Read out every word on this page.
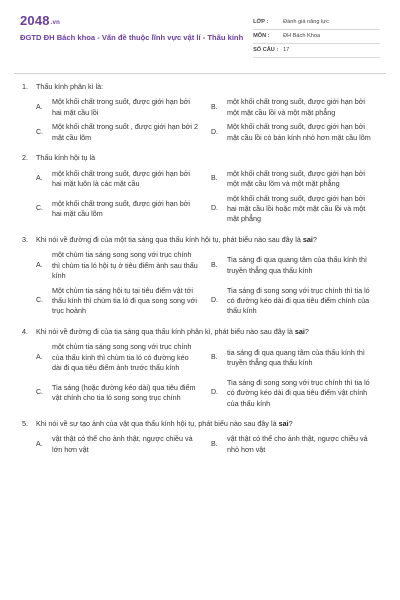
2048 .vn
ĐGTD ĐH Bách khoa - Vấn đề thuộc lĩnh vực vật lí - Thấu kính
LỚP :	Đánh giá năng lực
MÔN :	ĐH Bách Khoa
SỐ CÂU : 17
1.	Thấu kính phân kì là:
A.
Một khối chất trong suốt, được giới hạn bởi hai mặt cầu lồi
B.
một khối chất trong suốt, được giới hạn bởi một mặt cầu lồi và một mặt phẳng
C.
Một khối chất trong suốt , được giới hạn bởi 2 mặt cầu lõm
D.
Một khối chất trong suốt, được giới hạn bởi mặt cầu lồi có bán kính nhỏ hơn mặt cầu lõm
2.	Thấu kính hội tụ là
A.
một khối chất trong suốt, được giới hạn bởi hai mặt luôn là các mặt cầu
B.
một khối chất trong suốt, được giới hạn bởi một mặt cầu lõm và một mặt phẳng
C.
một khối chất trong suốt, được giới hạn bởi hai mặt cầu lõm
D.
một khối chất trong suốt, được giới hạn bởi hai mặt cầu lồi hoặc một mặt cầu lồi và một mặt phẳng
3.	Khi nói về đường đi của một tia sáng qua thấu kính hội tụ, phát biểu nào sau đây là sai?
A.
một chùm tia sáng song song với trục chính thì chùm tia ló hội tụ ở tiêu điểm ảnh sau thấu kính
B.
Tia sáng đi qua quang tâm của thấu kính thì truyền thẳng qua thấu kính
C.
Một chùm tia sáng hội tụ tại tiêu điểm vật tới thấu kính thì chùm tia ló đi qua song song với trục hoành
D.
Tia sáng đi song song với trục chính thì tia ló có đường kéo dài đi qua tiêu điểm chính của thấu kính
4.	Khi nói về đường đi của tia sáng qua thấu kính phân kì, phát biểu nào sau đây là sai?
A.
một chùm tia sáng song song với trục chính của thấu kính thì chùm tia ló có đường kéo dài đi qua tiêu điểm ảnh trước thấu kính
B.
tia sáng đi qua quang tâm của thấu kính thì truyền thẳng qua thấu kính
C.
Tia sáng (hoặc đường kéo dài) qua tiêu điểm vật chính cho tia ló song song trục chính
D.
Tia sáng đi song song với trục chính thì tia ló có đường kéo dài đi qua tiêu điểm vật chính của thấu kính
5.	Khi nói về sự tạo ảnh của vật qua thấu kính hội tụ, phát biểu nào sau đây là sai?
A.
vật thật có thể cho ảnh thật, ngược chiều và lớn hơn vật
B.
vật thật có thể cho ảnh thật, ngược chiều và nhỏ hơn vật
